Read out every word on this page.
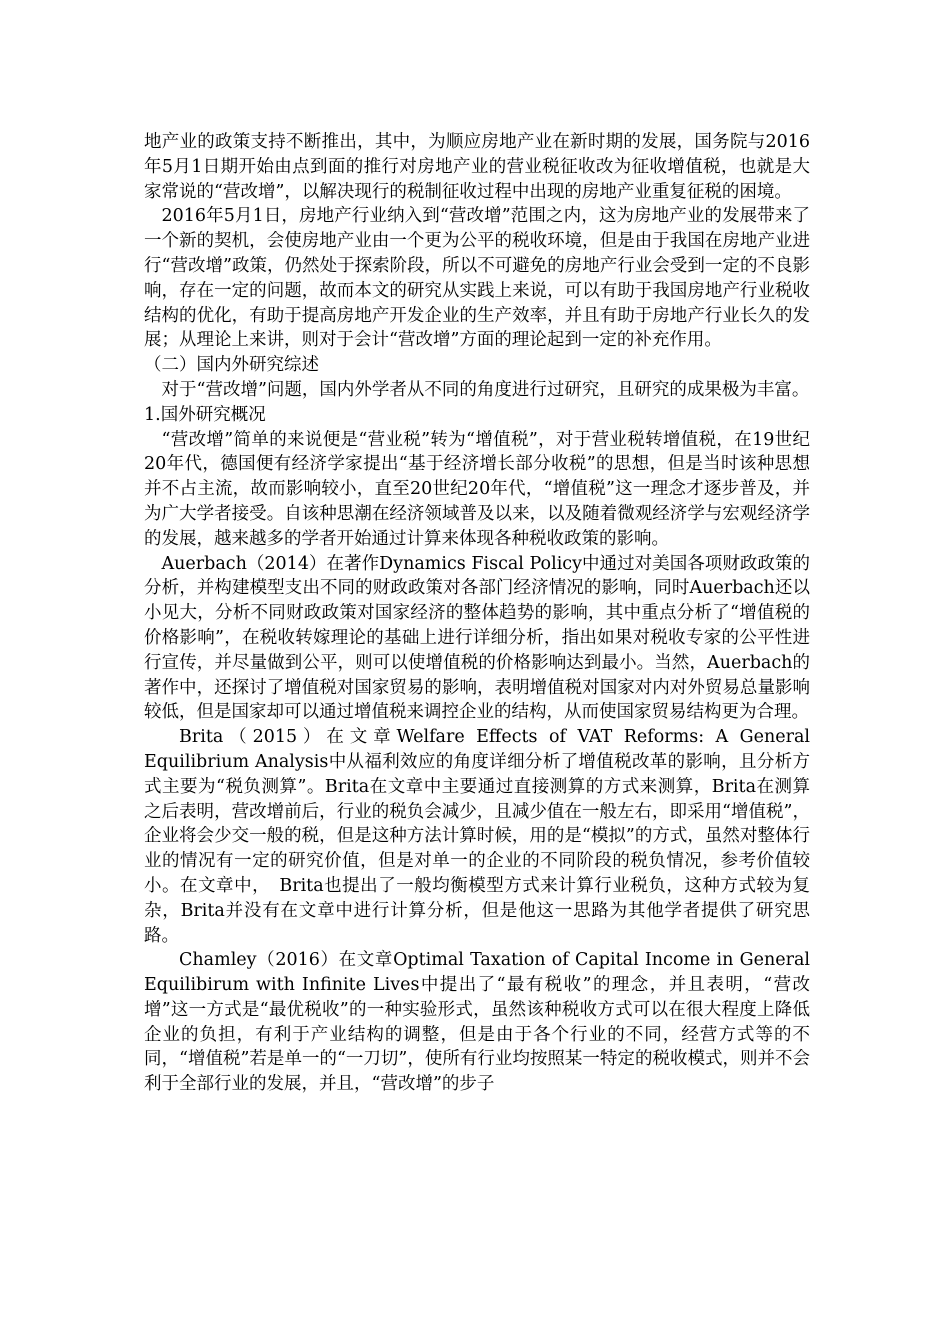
地产业的政策支持不断推出，其中，为顺应房地产业在新时期的发展，国务院与2016年5月1日期开始由点到面的推行对房地产业的营业税征收改为征收增值税，也就是大家常说的“营改增”，以解决现行的税制征收过程中出现的房地产业重复征税的困境。

2016年5月1日，房地产行业纳入到“营改增”范围之内，这为房地产业的发展带来了一个新的契机，会使房地产业由一个更为公平的税收环境，但是由于我国在房地产业进行“营改增”政策，仍然处于探索阶段，所以不可避免的房地产行业会受到一定的不良影响，存在一定的问题，故而本文的研究从实践上来说，可以有助于我国房地产行业税收结构的优化，有助于提高房地产开发企业的生产效率，并且有助于房地产行业长久的发展；从理论上来讲，则对于会计“营改增”方面的理论起到一定的补充作用。

（二）国内外研究综述

对于“营改增”问题，国内外学者从不同的角度进行过研究，且研究的成果极为丰富。

1.国外研究概况

“营改增”简单的来说便是“营业税”转为“增值税”，对于营业税转增值税，在19世纪20年代，德国便有经济学家提出“基于经济增长部分收税”的思想，但是当时该种思想并不占主流，故而影响较小，直至20世纪20年代，“增值税”这一理念才逐步普及，并为广大学者接受。自该种思潮在经济领域普及以来，以及随着微观经济学与宏观经济学的发展，越来越多的学者开始通过计算来体现各种税收政策的影响。

Auerbach（2014）在著作Dynamics Fiscal Policy中通过对美国各项财政政策的分析，并构建模型支出不同的财政政策对各部门经济情况的影响，同时Auerbach还以小见大，分析不同财政政策对国家经济的整体趋势的影响，其中重点分析了“增值税的价格影响”，在税收转嫁理论的基础上进行详细分析，指出如果对税收专家的公平性进行宣传，并尽量做到公平，则可以使增值税的价格影响达到最小。当然，Auerbach的著作中，还探讨了增值税对国家贸易的影响，表明增值税对国家对内对外贸易总量影响较低，但是国家却可以通过增值税来调控企业的结构，从而使国家贸易结构更为合理。

Brita（2015）在文章Welfare Effects of VAT Reforms: A General Equilibrium Analysis中从福利效应的角度详细分析了增值税改革的影响，且分析方式主要为“税负测算”。Brita在文章中主要通过直接测算的方式来测算，Brita在测算之后表明，营改增前后，行业的税负会减少，且减少值在一般左右，即采用“增值税”，企业将会少交一般的税，但是这种方法计算时候，用的是“模拟”的方式，虽然对整体行业的情况有一定的研究价值，但是对单一的企业的不同阶段的税负情况，参考价值较小。在文章中，　Brita也提出了一般均衡模型方式来计算行业税负，这种方式较为复杂，Brita并没有在文章中进行计算分析，但是他这一思路为其他学者提供了研究思路。

Chamley（2016）在文章Optimal Taxation of Capital Income in General Equilibirum with Infinite Lives中提出了“最有税收”的理念，并且表明，“营改增”这一方式是“最优税收”的一种实验形式，虽然该种税收方式可以在很大程度上降低企业的负担，有利于产业结构的调整，但是由于各个行业的不同，经营方式等的不同，“增值税”若是单一的“一刀切”，使所有行业均按照某一特定的税收模式，则并不会利于全部行业的发展，并且，“营改增”的步子
